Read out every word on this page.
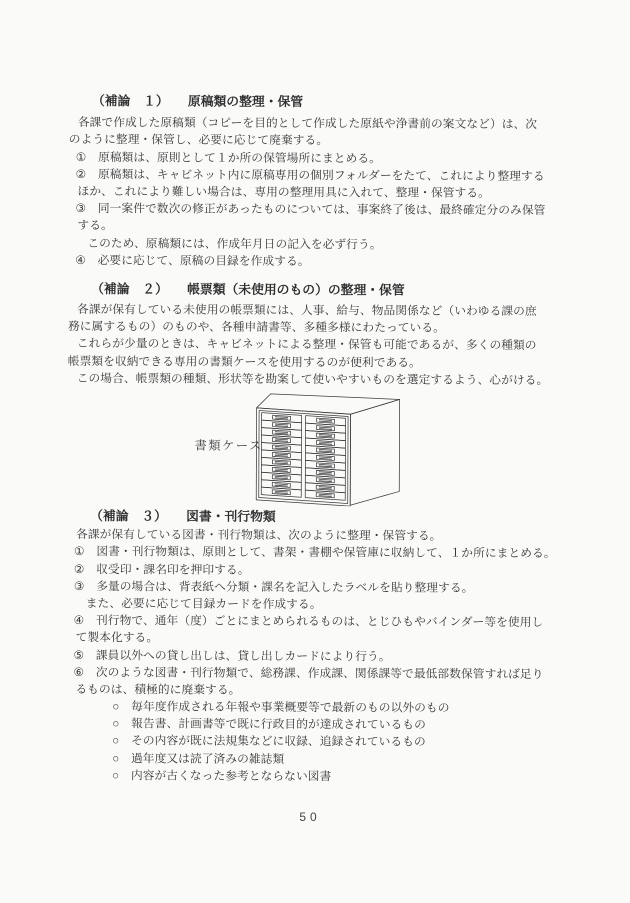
（補論　１）　　原稿類の整理・保管
各課で作成した原稿類（コピーを目的として作成した原紙や浄書前の案文など）は、次
のように整理・保管し、必要に応じて廃棄する。
①　原稿類は、原則として１か所の保管場所にまとめる。
②　原稿類は、キャビネット内に原稿専用の個別フォルダーをたて、これにより整理する
ほか、これにより難しい場合は、専用の整理用具に入れて、整理・保管する。
③　同一案件で数次の修正があったものについては、事案終了後は、最終確定分のみ保管
する。
このため、原稿類には、作成年月日の記入を必ず行う。
④　必要に応じて、原稿の目録を作成する。
（補論　２）　　帳票類（未使用のもの）の整理・保管
各課が保有している未使用の帳票類には、人事、給与、物品関係など（いわゆる課の庶
務に属するもの）のものや、各種申請書等、多種多様にわたっている。
これらが少量のときは、キャビネットによる整理・保管も可能であるが、多くの種類の
帳票類を収納できる専用の書類ケースを使用するのが便利である。
この場合、帳票類の種類、形状等を勘案して使いやすいものを選定するよう、心がける。
書類ケース
（補論　３）　　図書・刊行物類
各課が保有している図書・刊行物類は、次のように整理・保管する。
①　図書・刊行物類は、原則として、書架・書棚や保管庫に収納して、１か所にまとめる。
②　収受印・課名印を押印する。
③　多量の場合は、背表紙へ分類・課名を記入したラベルを貼り整理する。
また、必要に応じて目録カードを作成する。
④　刊行物で、通年（度）ごとにまとめられるものは、とじひもやバインダー等を使用し
て製本化する。
⑤　課員以外への貸し出しは、貸し出しカードにより行う。
⑥　次のような図書・刊行物類で、総務課、作成課、関係課等で最低部数保管すれば足り
るものは、積極的に廃棄する。
○　毎年度作成される年報や事業概要等で最新のもの以外のもの
○　報告書、計画書等で既に行政目的が達成されているもの
○　その内容が既に法規集などに収録、追録されているもの
○　過年度又は読了済みの雑誌類
○　内容が古くなった参考とならない図書
50
